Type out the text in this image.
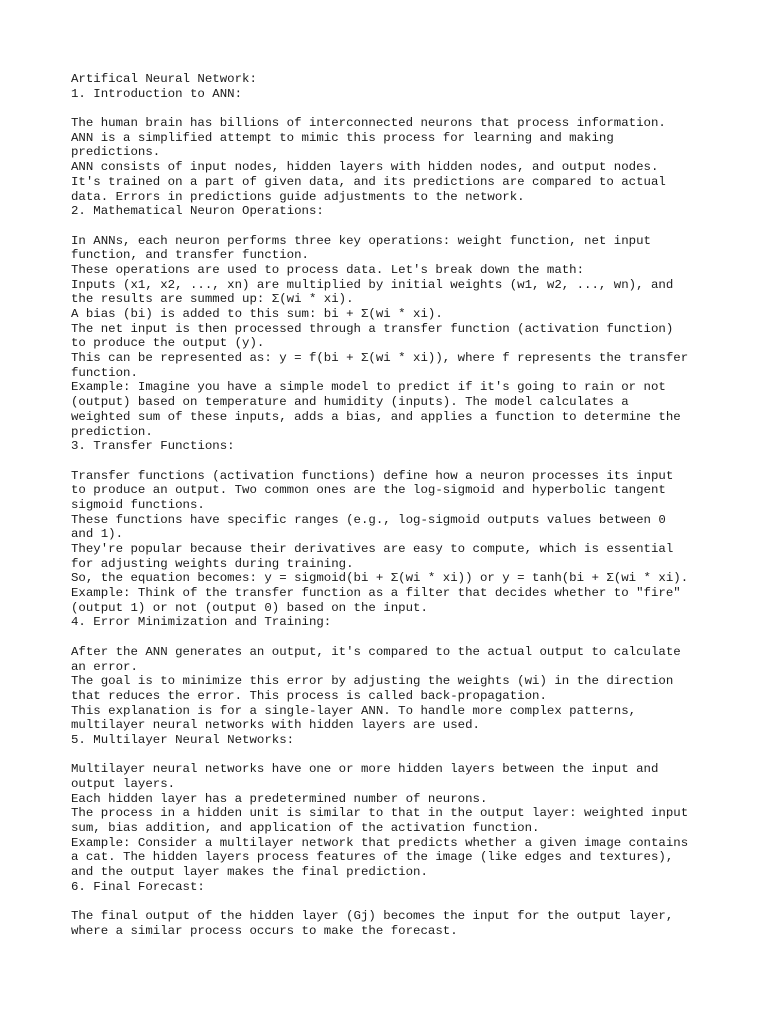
Artifical Neural Network:
1. Introduction to ANN:
The human brain has billions of interconnected neurons that process information.
ANN is a simplified attempt to mimic this process for learning and making
predictions.
ANN consists of input nodes, hidden layers with hidden nodes, and output nodes.
It's trained on a part of given data, and its predictions are compared to actual
data. Errors in predictions guide adjustments to the network.
2. Mathematical Neuron Operations:
In ANNs, each neuron performs three key operations: weight function, net input
function, and transfer function.
These operations are used to process data. Let's break down the math:
Inputs (x1, x2, ..., xn) are multiplied by initial weights (w1, w2, ..., wn), and
the results are summed up: Σ(wi * xi).
A bias (bi) is added to this sum: bi + Σ(wi * xi).
The net input is then processed through a transfer function (activation function)
to produce the output (y).
This can be represented as: y = f(bi + Σ(wi * xi)), where f represents the transfer
function.
Example: Imagine you have a simple model to predict if it's going to rain or not
(output) based on temperature and humidity (inputs). The model calculates a
weighted sum of these inputs, adds a bias, and applies a function to determine the
prediction.
3. Transfer Functions:
Transfer functions (activation functions) define how a neuron processes its input
to produce an output. Two common ones are the log-sigmoid and hyperbolic tangent
sigmoid functions.
These functions have specific ranges (e.g., log-sigmoid outputs values between 0
and 1).
They're popular because their derivatives are easy to compute, which is essential
for adjusting weights during training.
So, the equation becomes: y = sigmoid(bi + Σ(wi * xi)) or y = tanh(bi + Σ(wi * xi).
Example: Think of the transfer function as a filter that decides whether to "fire"
(output 1) or not (output 0) based on the input.
4. Error Minimization and Training:
After the ANN generates an output, it's compared to the actual output to calculate
an error.
The goal is to minimize this error by adjusting the weights (wi) in the direction
that reduces the error. This process is called back-propagation.
This explanation is for a single-layer ANN. To handle more complex patterns,
multilayer neural networks with hidden layers are used.
5. Multilayer Neural Networks:
Multilayer neural networks have one or more hidden layers between the input and
output layers.
Each hidden layer has a predetermined number of neurons.
The process in a hidden unit is similar to that in the output layer: weighted input
sum, bias addition, and application of the activation function.
Example: Consider a multilayer network that predicts whether a given image contains
a cat. The hidden layers process features of the image (like edges and textures),
and the output layer makes the final prediction.
6. Final Forecast:
The final output of the hidden layer (Gj) becomes the input for the output layer,
where a similar process occurs to make the forecast.
